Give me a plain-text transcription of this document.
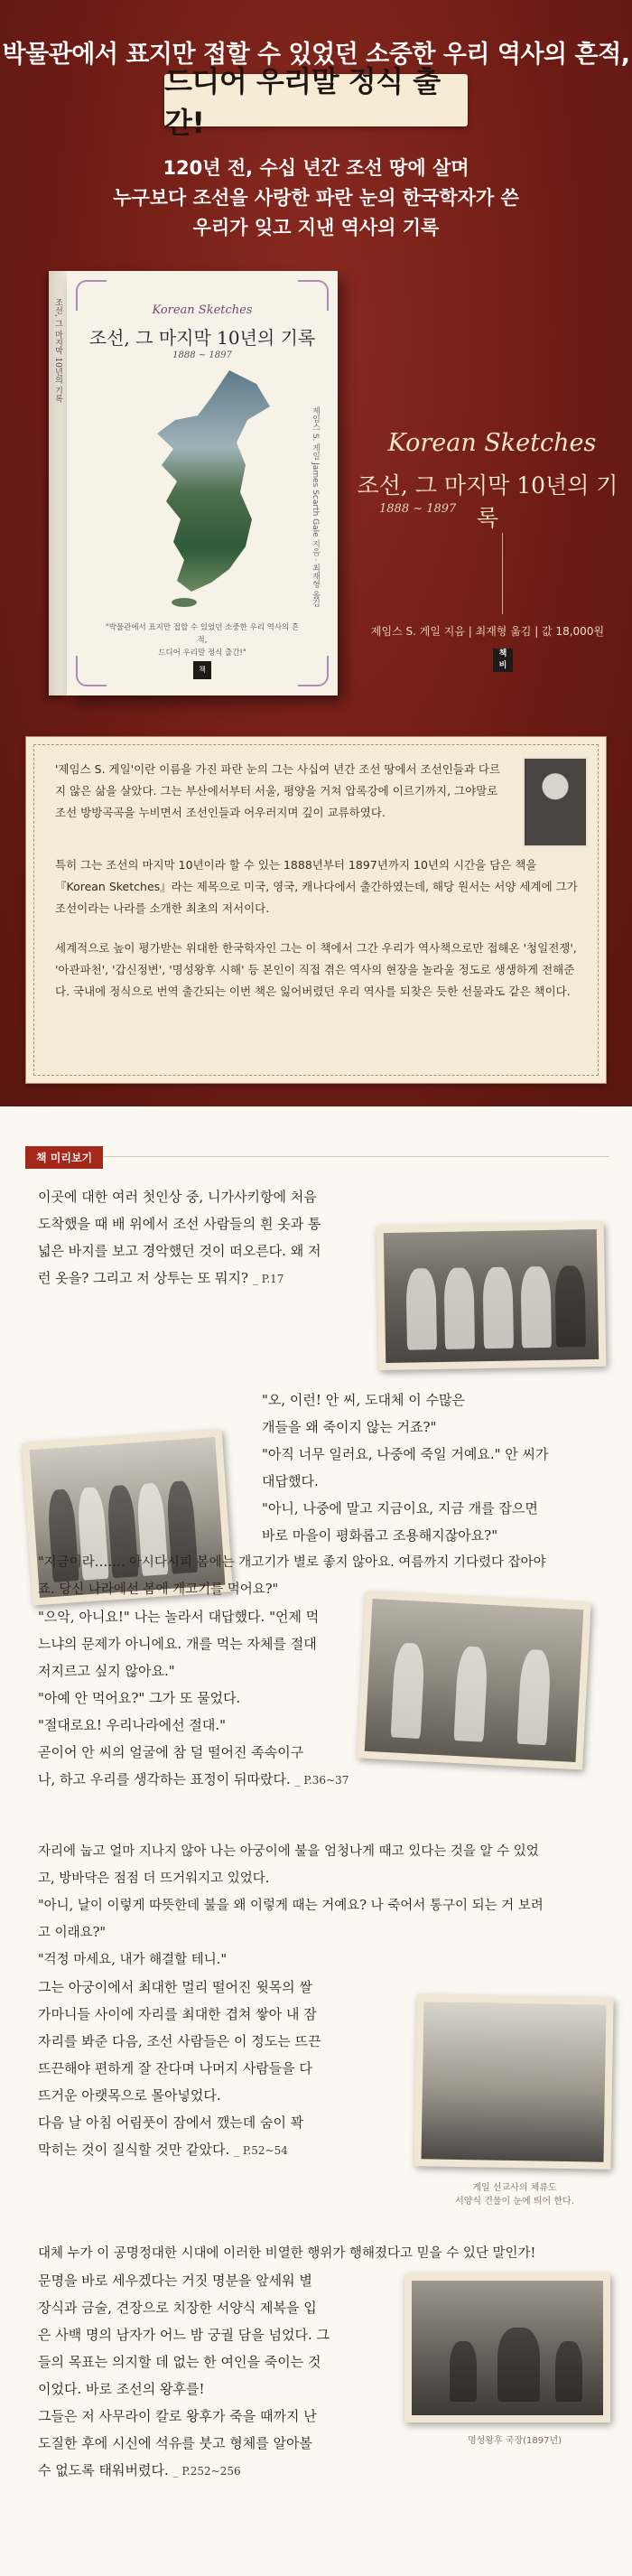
박물관에서 표지만 접할 수 있었던 소중한 우리 역사의 흔적,
드디어 우리말 정식 출간!
120년 전, 수십 년간 조선 땅에 살며
누구보다 조선을 사랑한 파란 눈의 한국학자가 쓴
우리가 잊고 지낸 역사의 기록
조선, 그 마지막 10년의 기록	Korean Sketches
조선, 그 마지막 10년의 기록
1888 ~ 1897
제임스 S. 게일 James Scarth Gale 지음 · 최재형 옮김
"박물관에서 표지만 접할 수 있었던 소중한 우리 역사의 흔적,
드디어 우리말 정식 출간!"
책
Korean Sketches
조선, 그 마지막 10년의 기록
1888 ~ 1897
제임스 S. 게일 지음 | 최재형 옮김 | 값 18,000원
책
비
'제임스 S. 게일'이란 이름을 가진 파란 눈의 그는 사십여 년간 조선 땅에서 조선인들과 다르지 않은 삶을 살았다. 그는 부산에서부터 서울, 평양을 거쳐 압록강에 이르기까지, 그야말로 조선 방방곡곡을 누비면서 조선인들과 어우러지며 깊이 교류하였다.
특히 그는 조선의 마지막 10년이라 할 수 있는 1888년부터 1897년까지 10년의 시간을 담은 책을 『Korean Sketches』라는 제목으로 미국, 영국, 캐나다에서 출간하였는데, 해당 원서는 서양 세계에 그가 조선이라는 나라를 소개한 최초의 저서이다.
세계적으로 높이 평가받는 위대한 한국학자인 그는 이 책에서 그간 우리가 역사책으로만 접해온 '청일전쟁', '아관파천', '갑신정변', '명성왕후 시해' 등 본인이 직접 겪은 역사의 현장을 놀라울 정도로 생생하게 전해준다. 국내에 정식으로 번역 출간되는 이번 책은 잃어버렸던 우리 역사를 되찾은 듯한 선물과도 같은 책이다.
책 미리보기
이곳에 대한 여러 첫인상 중, 니가사키항에 처음
도착했을 때 배 위에서 조선 사람들의 흰 옷과 통
넓은 바지를 보고 경악했던 것이 떠오른다. 왜 저
런 옷을? 그리고 저 상투는 또 뭐지? _ P.17
"오, 이런! 안 씨, 도대체 이 수많은
개들을 왜 죽이지 않는 거죠?"
"아직 너무 일러요, 나중에 죽일 거예요." 안 씨가
대답했다.
"아니, 나중에 말고 지금이요, 지금 개를 잡으면
바로 마을이 평화롭고 조용해지잖아요?"
"지금이라……. 아시다시피 봄에는 개고기가 별로 좋지 않아요. 여름까지 기다렸다 잡아야
죠. 당신 나라에선 봄에 개고기를 먹어요?"
"으악, 아니요!" 나는 놀라서 대답했다. "언제 먹
느냐의 문제가 아니에요. 개를 먹는 자체를 절대
저지르고 싶지 않아요."
"아예 안 먹어요?" 그가 또 물었다.
"절대로요! 우리나라에선 절대."
곧이어 안 씨의 얼굴에 참 덜 떨어진 족속이구
나, 하고 우리를 생각하는 표정이 뒤따랐다. _ P.36~37
자리에 눕고 얼마 지나지 않아 나는 아궁이에 불을 엄청나게 때고 있다는 것을 알 수 있었
고, 방바닥은 점점 더 뜨거워지고 있었다.
"아니, 날이 이렇게 따뜻한데 불을 왜 이렇게 때는 거예요? 나 죽어서 통구이 되는 거 보려
고 이래요?"
"걱정 마세요, 내가 해결할 테니."
그는 아궁이에서 최대한 멀리 떨어진 윗목의 쌀
가마니들 사이에 자리를 최대한 겹쳐 쌓아 내 잠
자리를 봐준 다음, 조선 사람들은 이 정도는 뜨끈
뜨끈해야 편하게 잘 잔다며 나머지 사람들을 다
뜨거운 아랫목으로 몰아넣었다.
다음 날 아침 어림풋이 잠에서 깼는데 숨이 꽉
막히는 것이 질식할 것만 같았다. _ P.52~54
게일 선교사의 체류도
서양식 건물이 눈에 띄어 한다.
대체 누가 이 공명정대한 시대에 이러한 비열한 행위가 행해졌다고 믿을 수 있단 말인가!
문명을 바로 세우겠다는 거짓 명분을 앞세워 별
장식과 금술, 견장으로 치장한 서양식 제복을 입
은 사백 명의 남자가 어느 밤 궁궐 담을 넘었다. 그
들의 목표는 의지할 데 없는 한 여인을 죽이는 것
이었다. 바로 조선의 왕후를!
그들은 저 사무라이 칼로 왕후가 죽을 때까지 난
도질한 후에 시신에 석유를 붓고 형체를 알아볼
수 없도록 태워버렸다. _ P.252~256
명성왕후 국장(1897년)
